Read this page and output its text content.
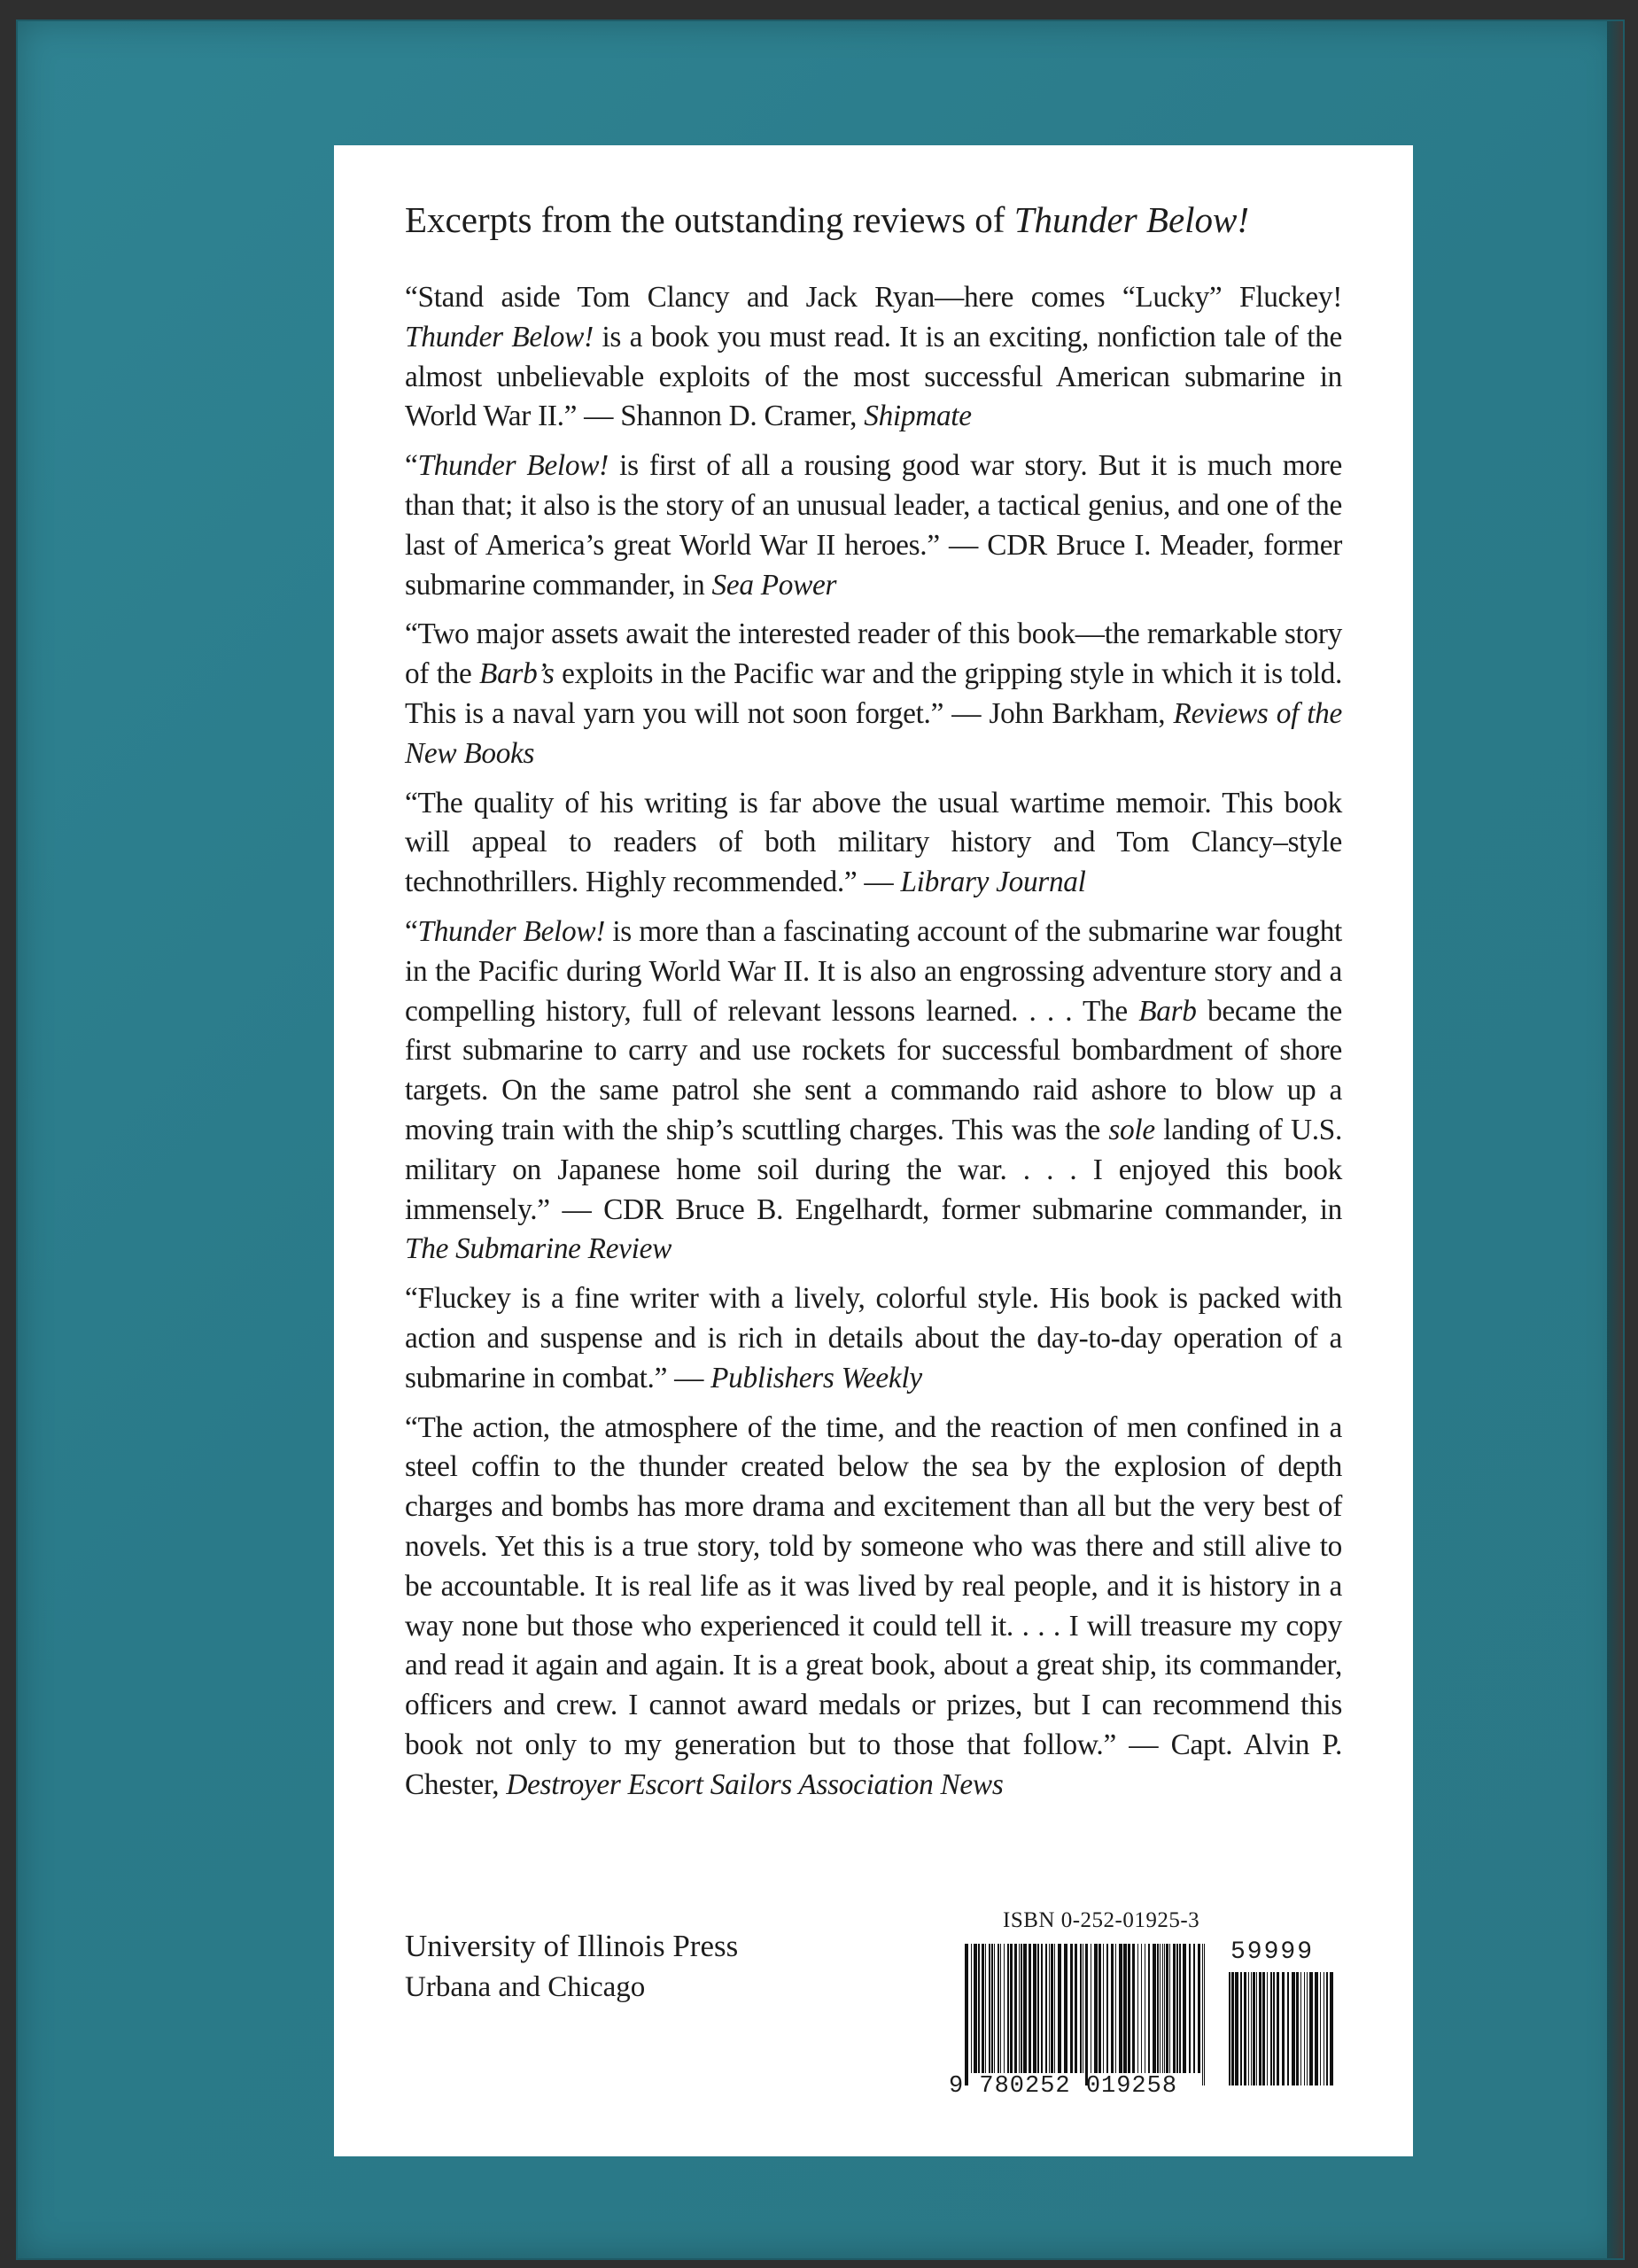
Excerpts from the outstanding reviews of Thunder Below!

“Stand aside Tom Clancy and Jack Ryan—here comes “Lucky” Fluckey! Thunder Below! is a book you must read. It is an exciting, nonfiction tale of the almost unbelievable exploits of the most successful American submarine in World War II.” — Shannon D. Cramer, Shipmate

“Thunder Below! is first of all a rousing good war story. But it is much more than that; it also is the story of an unusual leader, a tactical genius, and one of the last of America’s great World War II heroes.” — CDR Bruce I. Meader, former submarine commander, in Sea Power

“Two major assets await the interested reader of this book—the remarkable story of the Barb’s exploits in the Pacific war and the gripping style in which it is told. This is a naval yarn you will not soon forget.” — John Barkham, Reviews of the New Books

“The quality of his writing is far above the usual wartime memoir. This book will appeal to readers of both military history and Tom Clancy–style technothrillers. Highly recommended.” — Library Journal

“Thunder Below! is more than a fascinating account of the submarine war fought in the Pacific during World War II. It is also an engrossing adventure story and a compelling history, full of relevant lessons learned. . . . The Barb became the first submarine to carry and use rockets for successful bombardment of shore targets. On the same patrol she sent a commando raid ashore to blow up a moving train with the ship’s scuttling charges. This was the sole landing of U.S. military on Japanese home soil during the war. . . . I enjoyed this book immensely.” — CDR Bruce B. Engelhardt, former submarine commander, in The Submarine Review

“Fluckey is a fine writer with a lively, colorful style. His book is packed with action and suspense and is rich in details about the day-to-day operation of a submarine in combat.” — Publishers Weekly

“The action, the atmosphere of the time, and the reaction of men confined in a steel coffin to the thunder created below the sea by the explosion of depth charges and bombs has more drama and excitement than all but the very best of novels. Yet this is a true story, told by someone who was there and still alive to be accountable. It is real life as it was lived by real people, and it is history in a way none but those who experienced it could tell it. . . . I will treasure my copy and read it again and again. It is a great book, about a great ship, its commander, officers and crew. I cannot award medals or prizes, but I can recommend this book not only to my generation but to those that follow.” — Capt. Alvin P. Chester, Destroyer Escort Sailors Association News

University of Illinois Press
Urbana and Chicago
ISBN 0-252-01925-3
59999
9 780252 019258
